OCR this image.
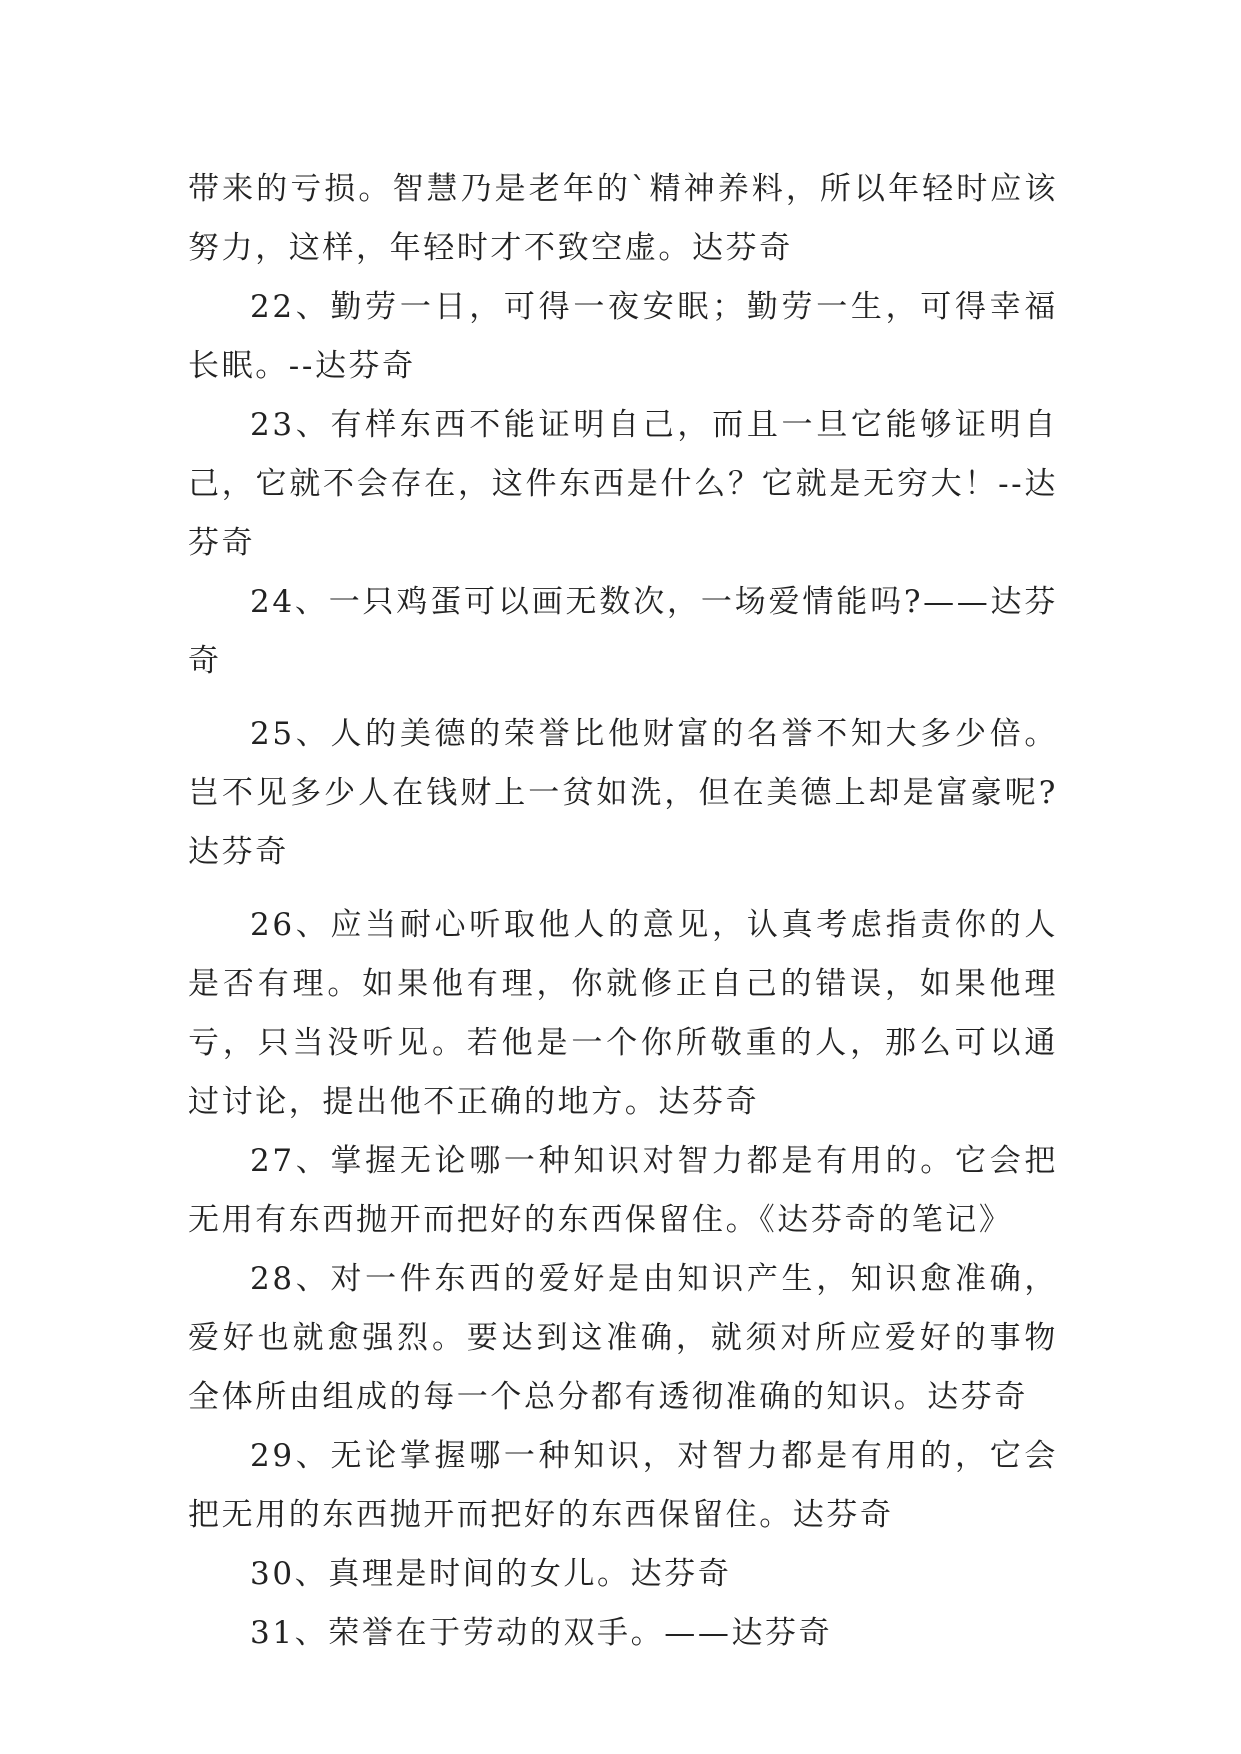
带来的亏损。智慧乃是老年的`精神养料，所以年轻时应该努力，这样，年轻时才不致空虚。达芬奇

22、勤劳一日，可得一夜安眠；勤劳一生，可得幸福长眠。--达芬奇

23、有样东西不能证明自己，而且一旦它能够证明自己，它就不会存在，这件东西是什么？它就是无穷大！--达芬奇

24、一只鸡蛋可以画无数次，一场爱情能吗?——达芬奇

25、人的美德的荣誉比他财富的名誉不知大多少倍。岂不见多少人在钱财上一贫如洗，但在美德上却是富豪呢?达芬奇

26、应当耐心听取他人的意见，认真考虑指责你的人是否有理。如果他有理，你就修正自己的错误，如果他理亏，只当没听见。若他是一个你所敬重的人，那么可以通过讨论，提出他不正确的地方。达芬奇

27、掌握无论哪一种知识对智力都是有用的。它会把无用有东西抛开而把好的东西保留住。《达芬奇的笔记》

28、对一件东西的爱好是由知识产生，知识愈准确，爱好也就愈强烈。要达到这准确，就须对所应爱好的事物全体所由组成的每一个总分都有透彻准确的知识。达芬奇

29、无论掌握哪一种知识，对智力都是有用的，它会把无用的东西抛开而把好的东西保留住。达芬奇

30、真理是时间的女儿。达芬奇

31、荣誉在于劳动的双手。——达芬奇
